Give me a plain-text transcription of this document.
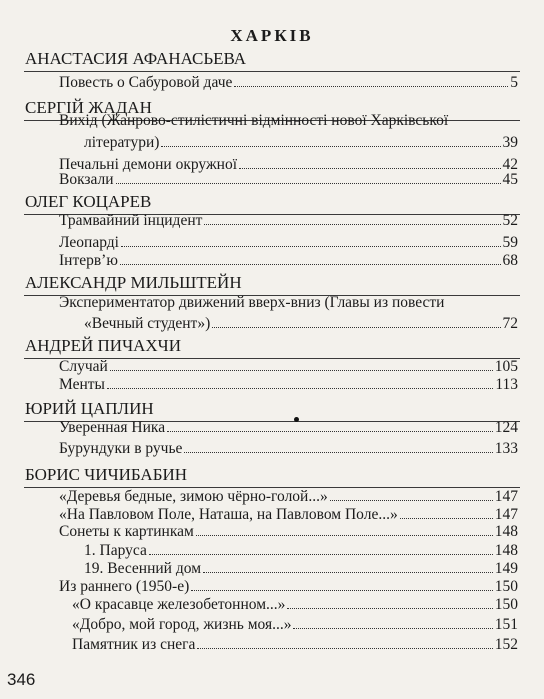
ХАРКІВ
АНАСТАСИЯ АФАНАСЬЕВА
Повесть о Сабуровой даче	5
СЕРГІЙ ЖАДАН
Вихід (Жанрово-стилістичні відмінності нової Харківської
літератури)	39
Печальні демони окружної	42
Вокзали	45
ОЛЕГ КОЦАРЕВ
Трамвайний інцидент	52
Леопарді	59
Інтерв’ю	68
АЛЕКСАНДР МИЛЬШТЕЙН
Экспериментатор движений вверх-вниз (Главы из повести
«Вечный студент»)	72
АНДРЕЙ ПИЧАХЧИ
Случай	105
Менты	113
ЮРИЙ ЦАПЛИН
Уверенная Ника	124
Бурундуки в ручье	133
БОРИС ЧИЧИБАБИН
«Деревья бедные, зимою чёрно-голой...»	147
«На Павловом Поле, Наташа, на Павловом Поле...»	147
Сонеты к картинкам	148
1. Паруса	148
19. Весенний дом	149
Из раннего (1950-е)	150
«О красавце железобетонном...»	150
«Добро, мой город, жизнь моя...»	151
Памятник из снега	152
346
